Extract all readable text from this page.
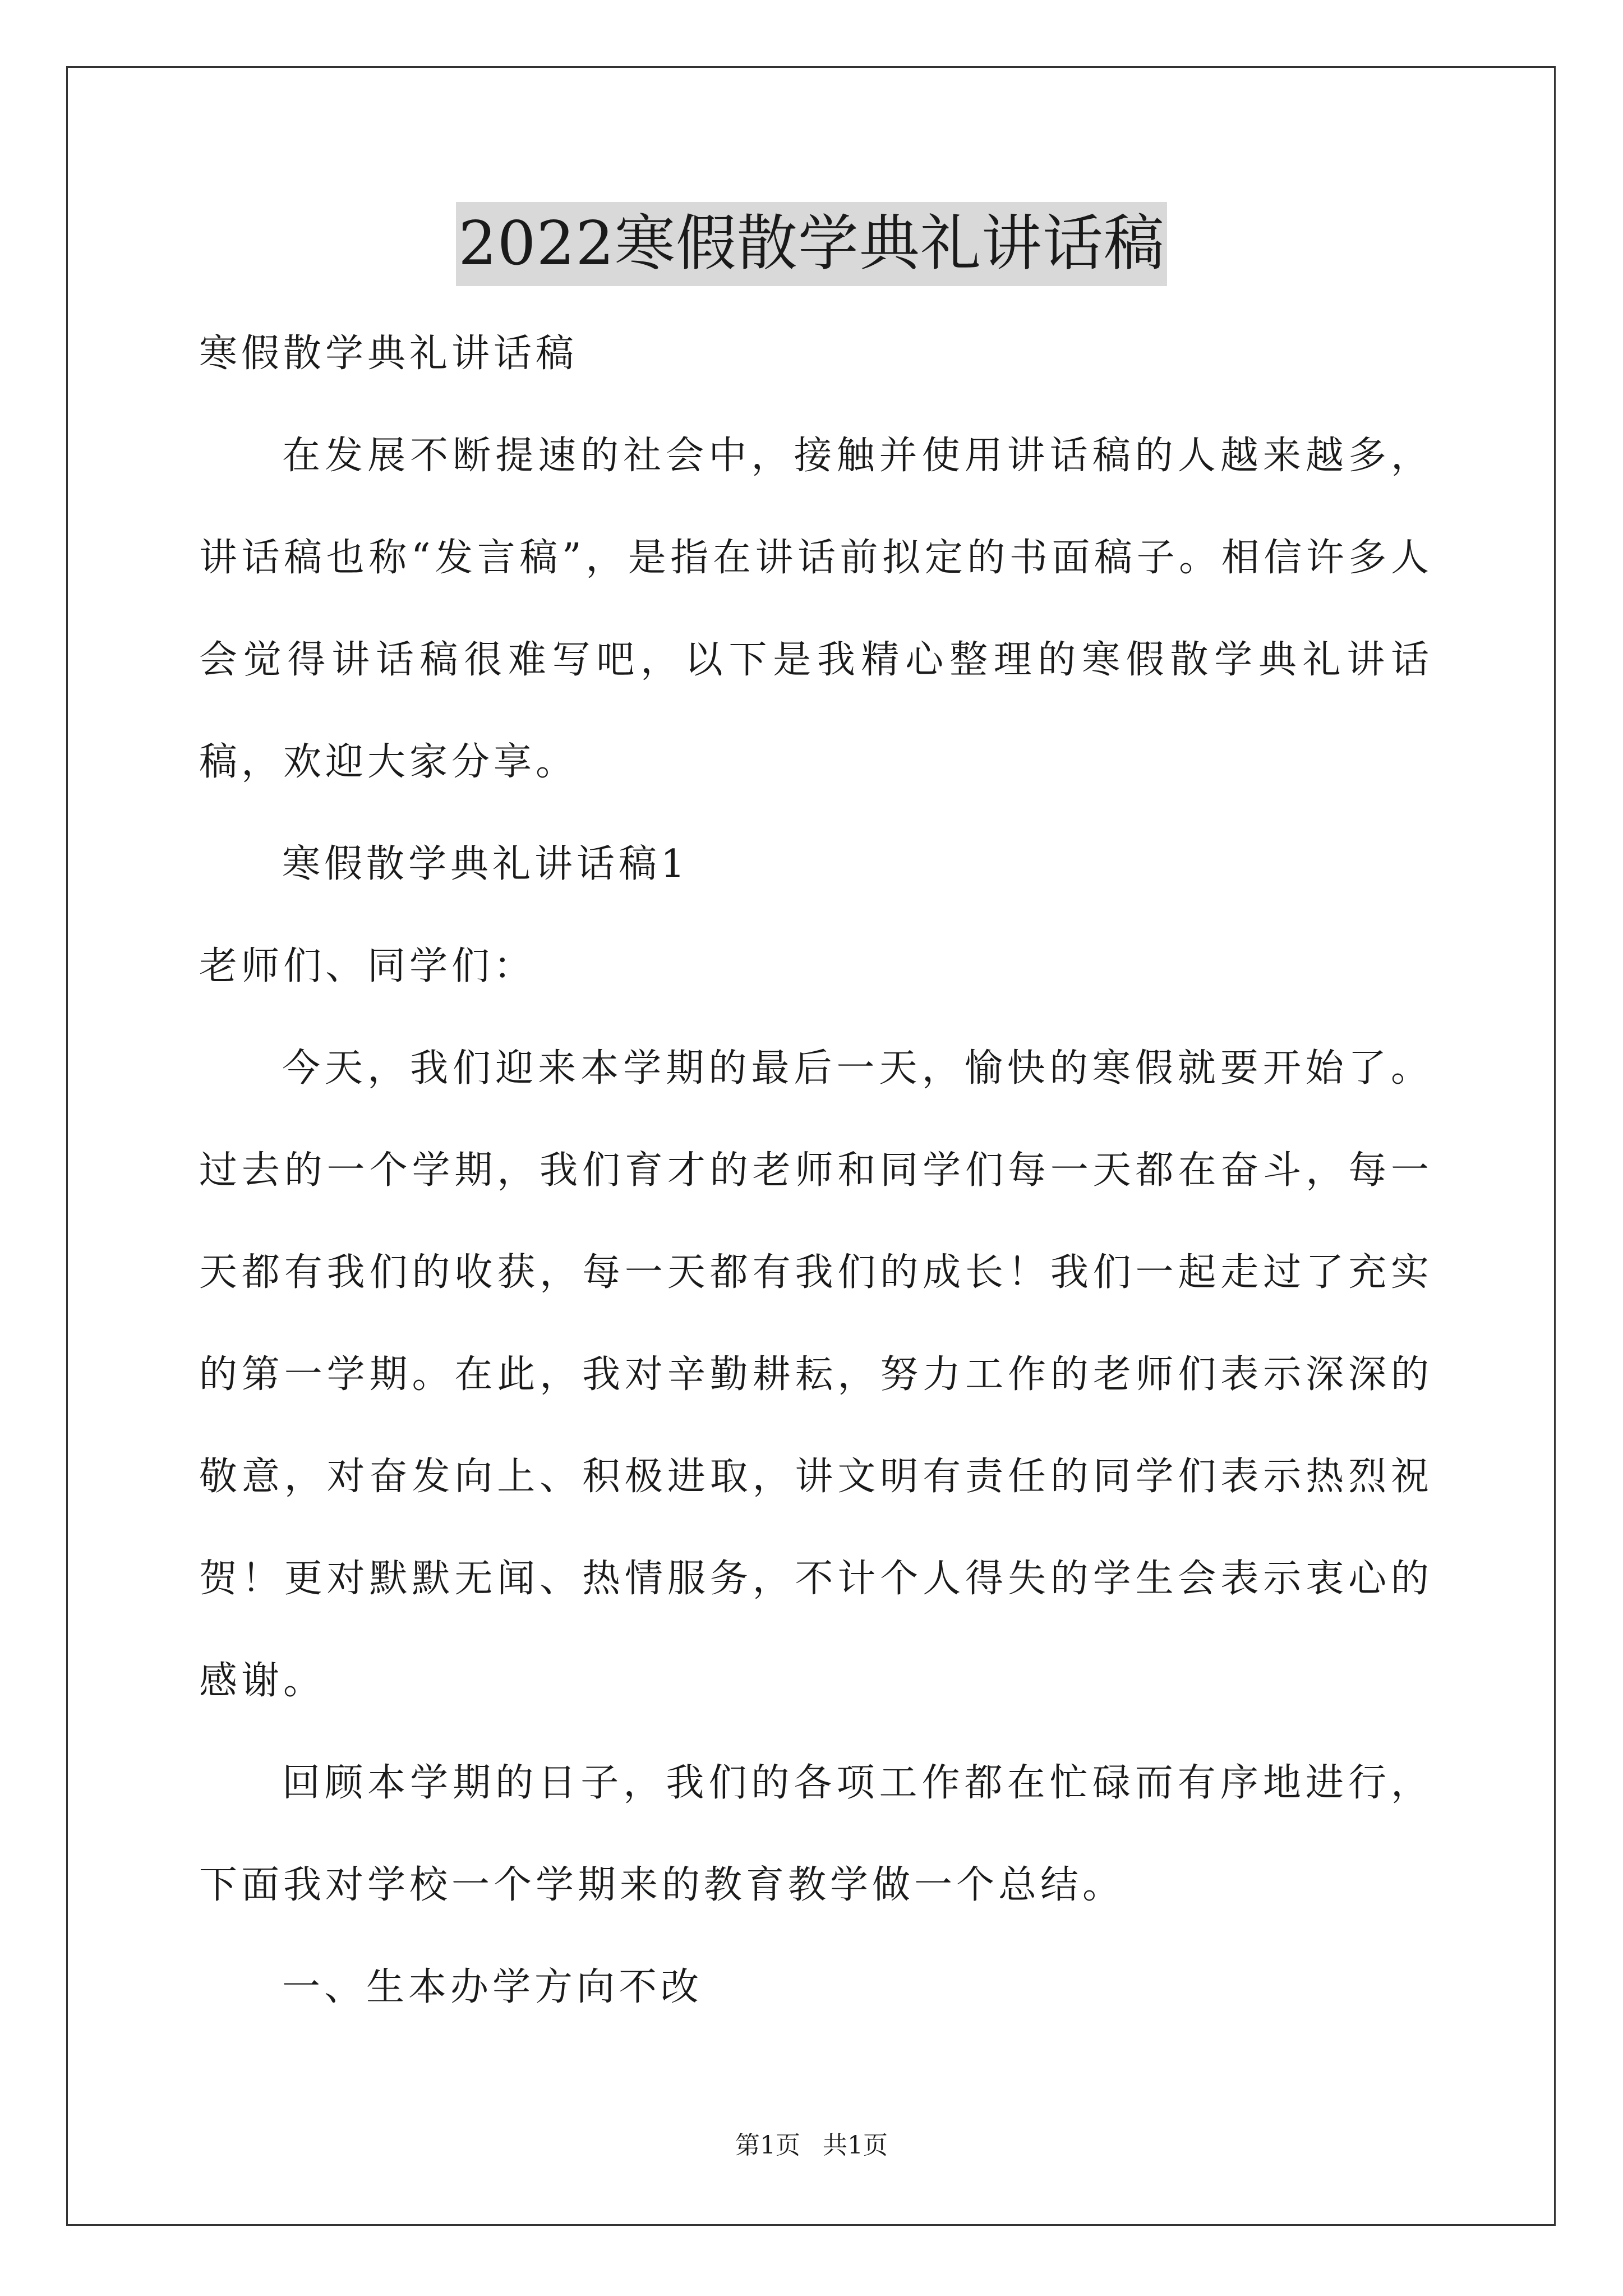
2022寒假散学典礼讲话稿

寒假散学典礼讲话稿

在发展不断提速的社会中，接触并使用讲话稿的人越来越多，讲话稿也称“发言稿”，是指在讲话前拟定的书面稿子。相信许多人会觉得讲话稿很难写吧，以下是我精心整理的寒假散学典礼讲话稿，欢迎大家分享。

寒假散学典礼讲话稿1

老师们、同学们：

今天，我们迎来本学期的最后一天，愉快的寒假就要开始了。过去的一个学期，我们育才的老师和同学们每一天都在奋斗，每一天都有我们的收获，每一天都有我们的成长！我们一起走过了充实的第一学期。在此，我对辛勤耕耘，努力工作的老师们表示深深的敬意，对奋发向上、积极进取，讲文明有责任的同学们表示热烈祝贺！更对默默无闻、热情服务，不计个人得失的学生会表示衷心的感谢。

回顾本学期的日子，我们的各项工作都在忙碌而有序地进行，下面我对学校一个学期来的教育教学做一个总结。

一、生本办学方向不改

第1页 共1页
